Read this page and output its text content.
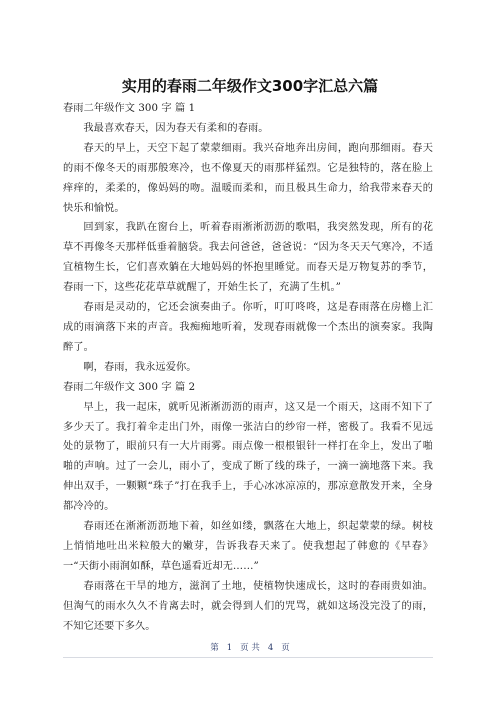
实用的春雨二年级作文300字汇总六篇

春雨二年级作文 300 字 篇 1

我最喜欢春天，因为春天有柔和的春雨。

春天的早上，天空下起了蒙蒙细雨。我兴奋地奔出房间，跑向那细雨。春天的雨不像冬天的雨那般寒冷，也不像夏天的雨那样猛烈。它是独特的，落在脸上痒痒的，柔柔的，像妈妈的吻。温暖而柔和，而且极具生命力，给我带来春天的快乐和愉悦。

回到家，我趴在窗台上，听着春雨淅淅沥沥的歌唱，我突然发现，所有的花草不再像冬天那样低垂着脑袋。我去问爸爸，爸爸说：“因为冬天天气寒冷，不适宜植物生长，它们喜欢躺在大地妈妈的怀抱里睡觉。而春天是万物复苏的季节，春雨一下，这些花花草草就醒了，开始生长了，充满了生机。”

春雨是灵动的，它还会演奏曲子。你听，叮叮咚咚，这是春雨落在房檐上汇成的雨滴落下来的声音。我痴痴地听着，发现春雨就像一个杰出的演奏家。我陶醉了。

啊，春雨，我永远爱你。

春雨二年级作文 300 字 篇 2

早上，我一起床，就听见淅淅沥沥的雨声，这又是一个雨天，这雨不知下了多少天了。我打着伞走出门外，雨像一张洁白的纱帘一样，密极了。我看不见远处的景物了，眼前只有一大片雨雾。雨点像一根根银针一样打在伞上，发出了啪啪的声响。过了一会儿，雨小了，变成了断了线的珠子，一滴一滴地落下来。我伸出双手，一颗颗“珠子”打在我手上，手心冰冰凉凉的，那凉意散发开来，全身都冷冷的。

春雨还在淅淅沥沥地下着，如丝如缕，飘落在大地上，织起蒙蒙的绿。树枝上悄悄地吐出米粒般大的嫩芽，告诉我春天来了。使我想起了韩愈的《早春》一“天街小雨润如酥，草色遥看近却无……”

春雨落在干旱的地方，滋润了土地，使植物快速成长，这时的春雨贵如油。但淘气的雨水久久不肯离去时，就会得到人们的咒骂，就如这场没完没了的雨，不知它还要下多久。

第 1 页 共 4 页
